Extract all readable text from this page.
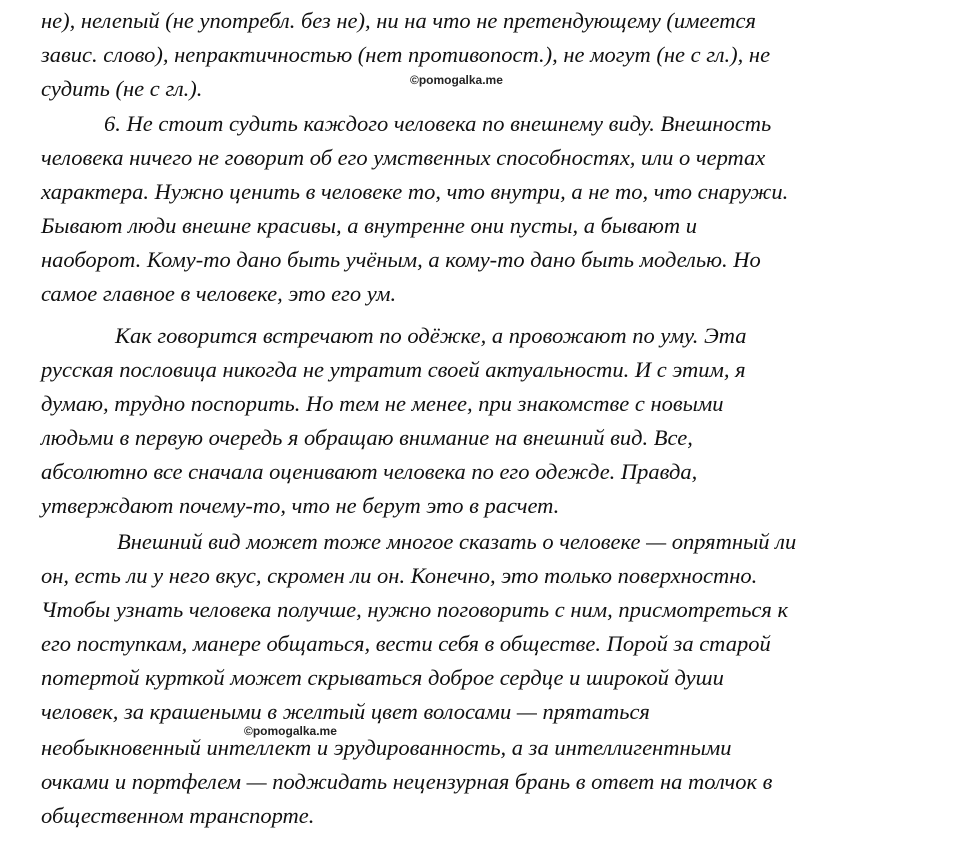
не), нелепый (не употребл. без не), ни на что не претендующему (имеется
завис. слово), непрактичностью (нет противопост.), не могут (не с гл.), не
судить (не с гл.).	©pomogalka.me
6. Не стоит судить каждого человека по внешнему виду. Внешность
человека ничего не говорит об его умственных способностях, или о чертах
характера. Нужно ценить в человеке то, что внутри, а не то, что снаружи.
Бывают люди внешне красивы, а внутренне они пусты, а бывают и
наоборот. Кому-то дано быть учёным, а кому-то дано быть моделью. Но
самое главное в человеке, это его ум.
Как говорится встречают по одёжке, а провожают по уму. Эта
русская пословица никогда не утратит своей актуальности. И с этим, я
думаю, трудно поспорить. Но тем не менее, при знакомстве с новыми
людьми в первую очередь я обращаю внимание на внешний вид. Все,
абсолютно все сначала оценивают человека по его одежде. Правда,
утверждают почему-то, что не берут это в расчет.
Внешний вид может тоже многое сказать о человеке — опрятный ли
он, есть ли у него вкус, скромен ли он. Конечно, это только поверхностно.
Чтобы узнать человека получше, нужно поговорить с ним, присмотреться к
его поступкам, манере общаться, вести себя в обществе. Порой за старой
потертой курткой может скрываться доброе сердце и широкой души
человек, за крашеными в желтый цвет волосами — прятаться
©pomogalka.me
необыкновенный интеллект и эрудированность, а за интеллигентными
очками и портфелем — поджидать нецензурная брань в ответ на толчок в
общественном транспорте.
